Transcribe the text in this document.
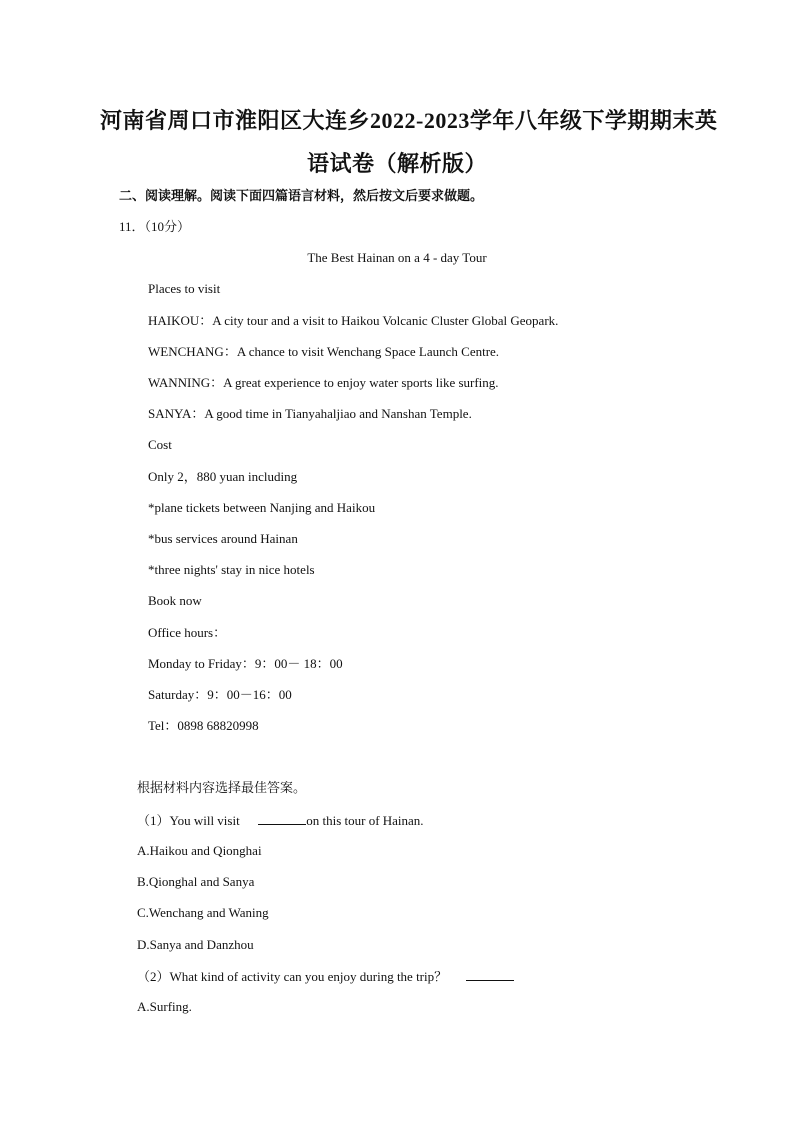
河南省周口市淮阳区大连乡2022-2023学年八年级下学期期末英
语试卷（解析版）
二、阅读理解。阅读下面四篇语言材料，然后按文后要求做题。
11．（10分）
The Best Hainan on a 4 - day Tour
Places to visit
HAIKOU：A city tour and a visit to Haikou Volcanic Cluster Global Geopark.
WENCHANG：A chance to visit Wenchang Space Launch Centre.
WANNING：A great experience to enjoy water sports like surfing.
SANYA：A good time in Tianyahaljiao and Nanshan Temple.
Cost
Only 2，880 yuan including
*plane tickets between Nanjing and Haikou
*bus services around Hainan
*three nights' stay in nice hotels
Book now
Office hours：
Monday to Friday：9：00－ 18：00
Saturday：9：00－16：00
Tel：0898 68820998
根据材料内容选择最佳答案。
（1）You will visit	on this tour of Hainan.
A.Haikou and Qionghai
B.Qionghal and Sanya
C.Wenchang and Waning
D.Sanya and Danzhou
（2）What kind of activity can you enjoy during the trip？
A.Surfing.
